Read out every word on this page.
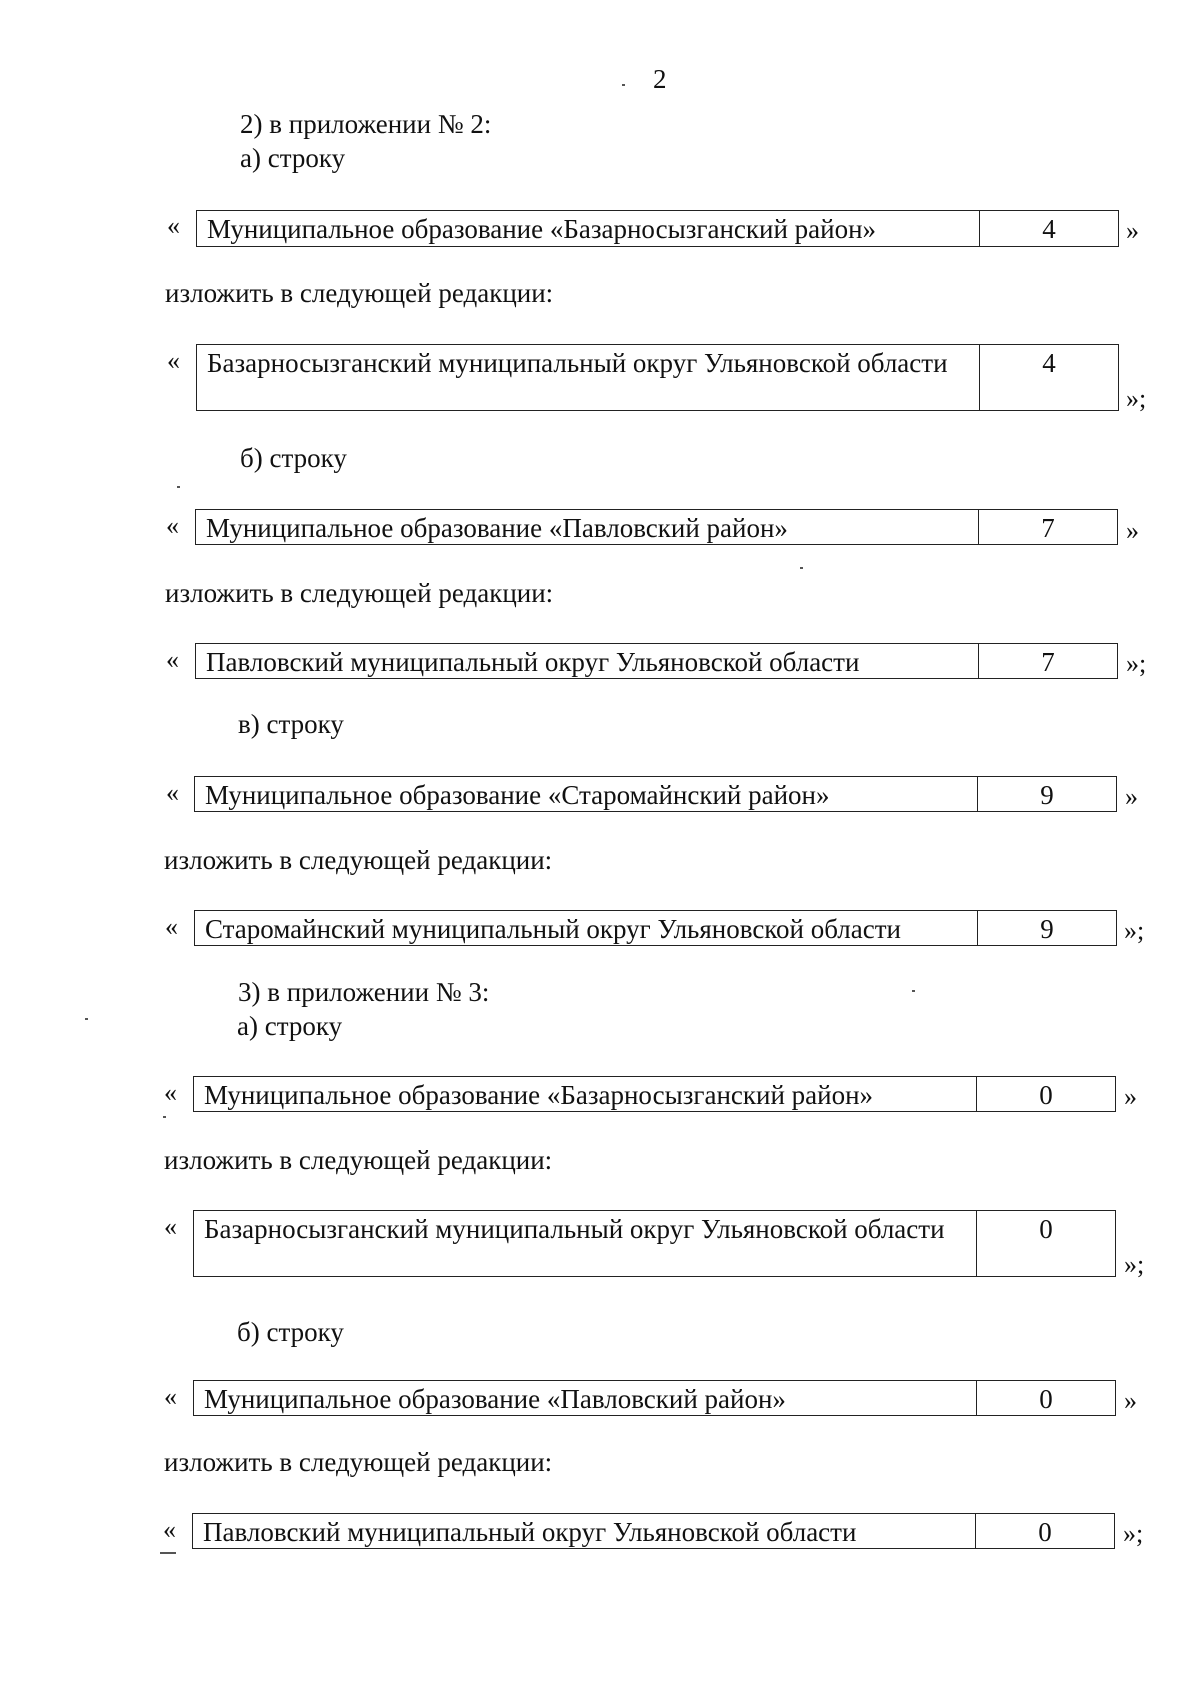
2
2) в приложении № 2:
а) строку
«	Муниципальное образование «Базарносызганский район»	4	»
изложить в следующей редакции:
«	Базарносызганский муниципальный округ Ульяновской области	4
»;
б) строку
«	Муниципальное образование «Павловский район»	7	»
изложить в следующей редакции:
«	Павловский муниципальный округ Ульяновской области	7	»;
в) строку
« Муниципальное образование «Старомайнский район»	9	»
изложить в следующей редакции:
«	Старомайнский муниципальный округ Ульяновской области	9	»;
3) в приложении № 3:
а) строку
«	Муниципальное образование «Базарносызганский район»	0	»
изложить в следующей редакции:
«	Базарносызганский муниципальный округ Ульяновской области	0
»;
б) строку
«	Муниципальное образование «Павловский район»	0	»
изложить в следующей редакции:
«	Павловский муниципальный округ Ульяновской области	0	»;
